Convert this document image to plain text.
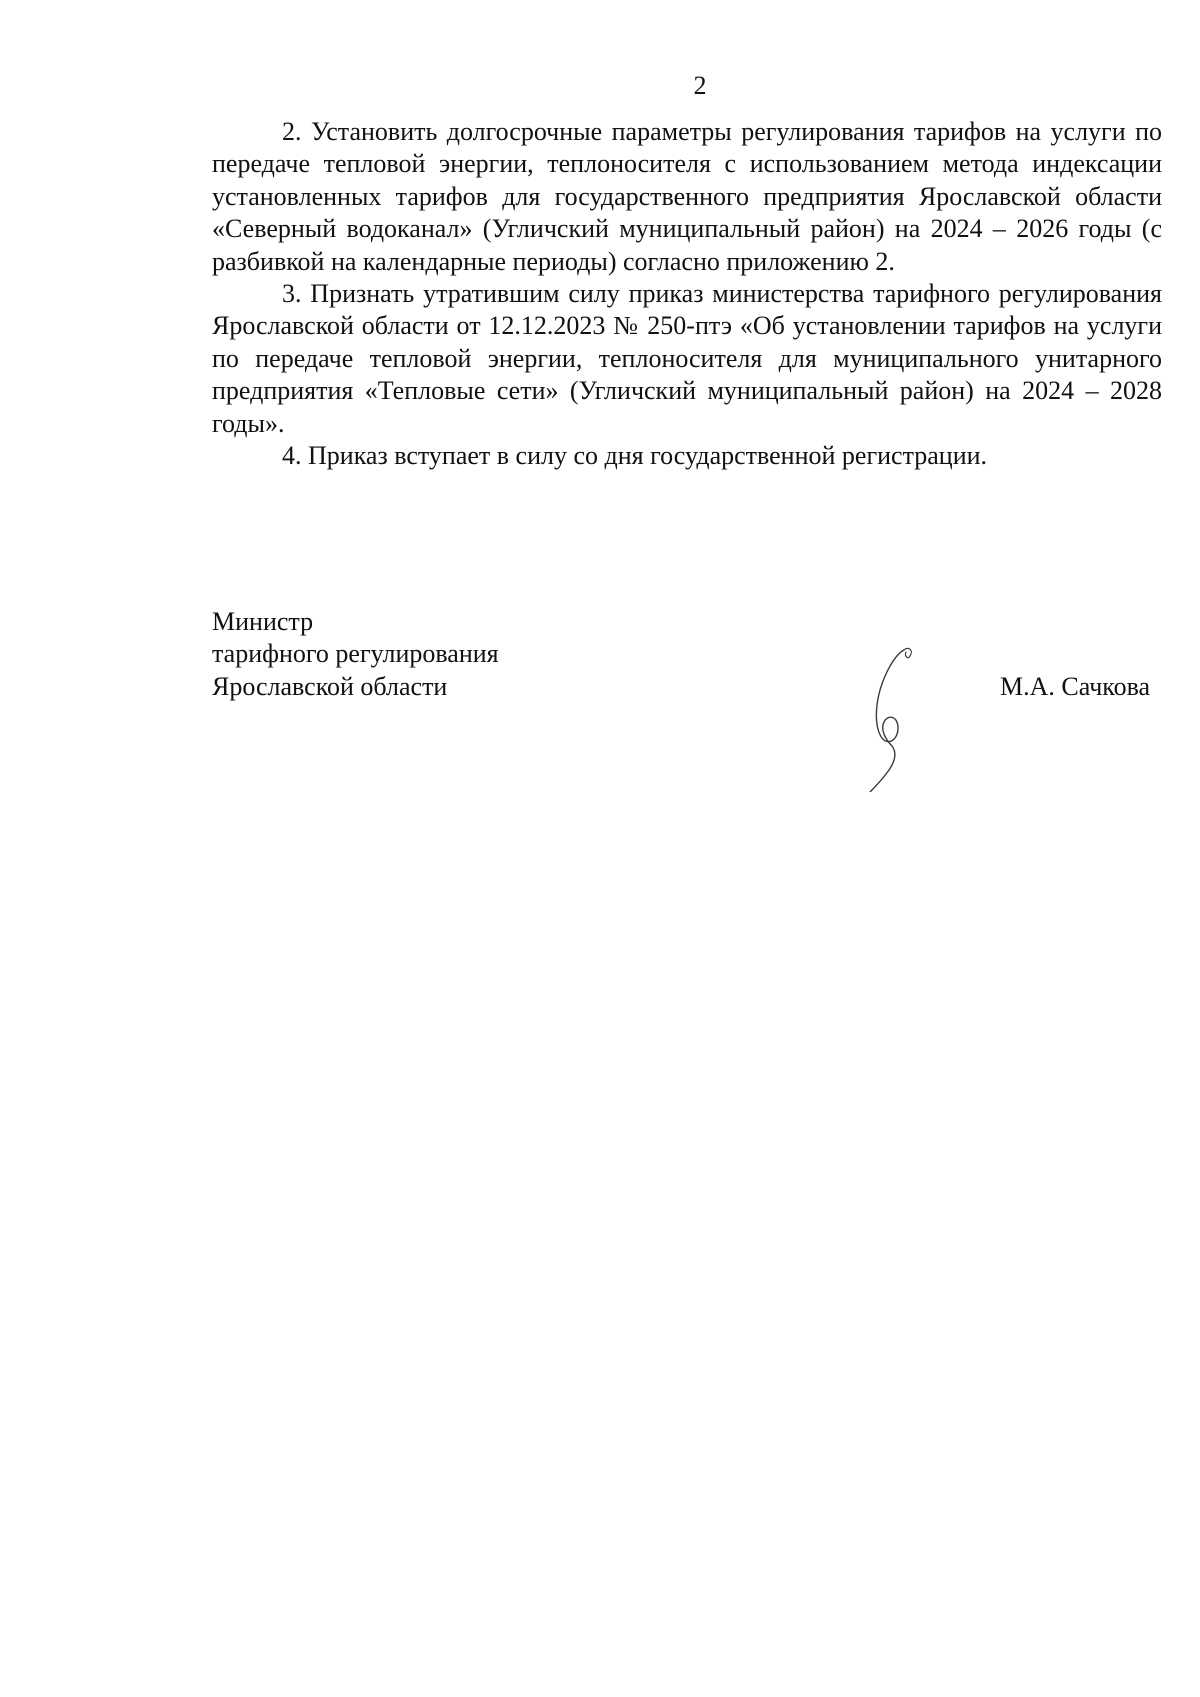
2

2. Установить долгосрочные параметры регулирования тарифов на услуги по передаче тепловой энергии, теплоносителя с использованием метода индексации установленных тарифов для государственного предприятия Ярославской области «Северный водоканал» (Угличский муниципальный район) на 2024 – 2026 годы (с разбивкой на календарные периоды) согласно приложению 2.

3. Признать утратившим силу приказ министерства тарифного регулирования Ярославской области от 12.12.2023 № 250-птэ «Об установлении тарифов на услуги по передаче тепловой энергии, теплоносителя для муниципального унитарного предприятия «Тепловые сети» (Угличский муниципальный район) на 2024 – 2028 годы».

4. Приказ вступает в силу со дня государственной регистрации.

Министр
тарифного регулирования
Ярославской области	М.А. Сачкова
